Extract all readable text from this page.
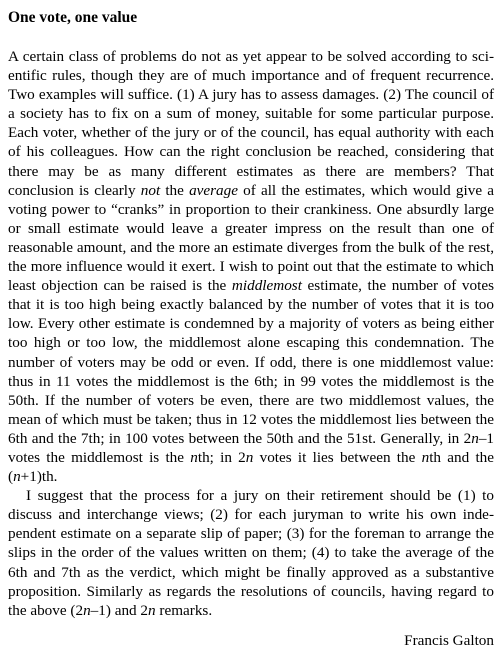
One vote, one value

A certain class of problems do not as yet appear to be solved according to scientific rules, though they are of much importance and of frequent recurrence. Two examples will suffice. (1) A jury has to assess damages. (2) The council of a society has to fix on a sum of money, suitable for some particular purpose. Each voter, whether of the jury or of the council, has equal authority with each of his colleagues. How can the right conclusion be reached, considering that there may be as many different estimates as there are members? That conclusion is clearly not the average of all the estimates, which would give a voting power to “cranks” in proportion to their crankiness. One absurdly large or small estimate would leave a greater impress on the result than one of reasonable amount, and the more an estimate diverges from the bulk of the rest, the more influence would it exert. I wish to point out that the estimate to which least objection can be raised is the middlemost estimate, the number of votes that it is too high being exactly balanced by the number of votes that it is too low. Every other estimate is condemned by a majority of voters as being either too high or too low, the middlemost alone escaping this condemnation. The number of voters may be odd or even. If odd, there is one middlemost value: thus in 11 votes the middlemost is the 6th; in 99 votes the middlemost is the 50th. If the number of voters be even, there are two middlemost values, the mean of which must be taken; thus in 12 votes the middlemost lies between the 6th and the 7th; in 100 votes between the 50th and the 51st. Generally, in 2n–1 votes the middlemost is the nth; in 2n votes it lies between the nth and the (n+1)th.

I suggest that the process for a jury on their retirement should be (1) to discuss and interchange views; (2) for each juryman to write his own independent estimate on a separate slip of paper; (3) for the foreman to arrange the slips in the order of the values written on them; (4) to take the average of the 6th and 7th as the verdict, which might be finally approved as a substantive proposition. Similarly as regards the resolutions of councils, having regard to the above (2n–1) and 2n remarks.

Francis Galton
